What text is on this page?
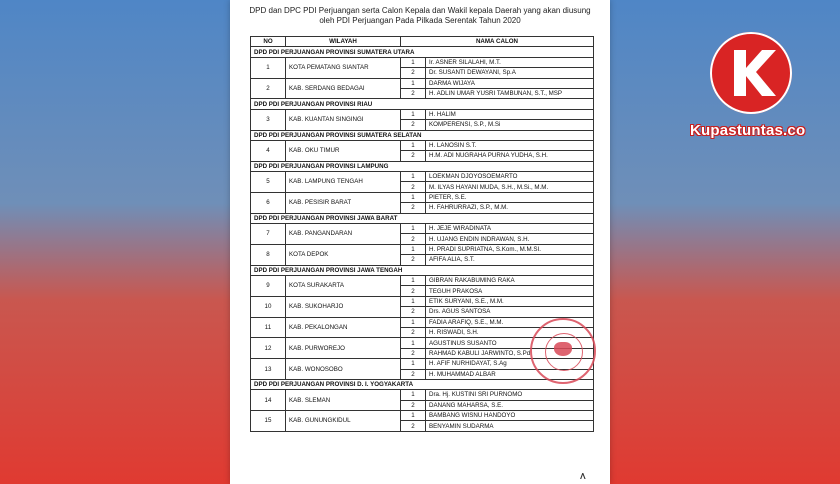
DPD dan DPC PDI Perjuangan serta Calon Kepala dan Wakil kepala Daerah yang akan diusung
oleh PDI Perjuangan Pada Pilkada Serentak Tahun 2020
NO	WILAYAH	NAMA CALON	
DPD PDI PERJUANGAN PROVINSI SUMATERA UTARA			
1	KOTA PEMATANG SIANTAR	1	Ir. ASNER SILALAHI, M.T.
		2	Dr. SUSANTI DEWAYANI, Sp.A
2	KAB. SERDANG BEDAGAI	1	DARMA WIJAYA
		2	H. ADLIN UMAR YUSRI TAMBUNAN, S.T., MSP
DPD PDI PERJUANGAN PROVINSI RIAU			
3	KAB. KUANTAN SINGINGI	1	H. HALIM
		2	KOMPERENSI, S.P., M.Si
DPD PDI PERJUANGAN PROVINSI SUMATERA SELATAN			
4	KAB. OKU TIMUR	1	H. LANOSIN S.T.
		2	H.M. ADI NUGRAHA PURNA YUDHA, S.H.
DPD PDI PERJUANGAN PROVINSI LAMPUNG			
5	KAB. LAMPUNG TENGAH	1	LOEKMAN DJOYOSOEMARTO
		2	M. ILYAS HAYANI MUDA, S.H., M.Si., M.M.
6	KAB. PESISIR BARAT	1	PIETER, S.E.
		2	H. FAHRURRAZI, S.P., M.M.
DPD PDI PERJUANGAN PROVINSI JAWA BARAT			
7	KAB. PANGANDARAN	1	H. JEJE WIRADINATA
		2	H. UJANG ENDIN INDRAWAN, S.H.
8	KOTA DEPOK	1	H. PRADI SUPRIATNA, S.Kom., M.M.SI.
		2	AFIFA ALIA, S.T.
DPD PDI PERJUANGAN PROVINSI JAWA TENGAH			
9	KOTA SURAKARTA	1	GIBRAN RAKABUMING RAKA
		2	TEGUH PRAKOSA
10	KAB. SUKOHARJO	1	ETIK SURYANI, S.E., M.M.
		2	Drs. AGUS SANTOSA
11	KAB. PEKALONGAN	1	FADIA ARAFIQ, S.E., M.M.
		2	H. RISWADI, S.H.
12	KAB. PURWOREJO	1	AGUSTINUS SUSANTO
		2	RAHMAD KABULI JARWINTO, S.Pd
13	KAB. WONOSOBO	1	H. AFIF NURHIDAYAT, S.Ag
		2	H. MUHAMMAD ALBAR
DPD PDI PERJUANGAN PROVINSI D. I. YOGYAKARTA			
14	KAB. SLEMAN	1	Dra. Hj. KUSTINI SRI PURNOMO
		2	DANANG MAHARSA, S.E.
15	KAB. GUNUNGKIDUL	1	BAMBANG WISNU HANDOYO
		2	BENYAMIN SUDARMA
𝚲
Kupastuntas.co
